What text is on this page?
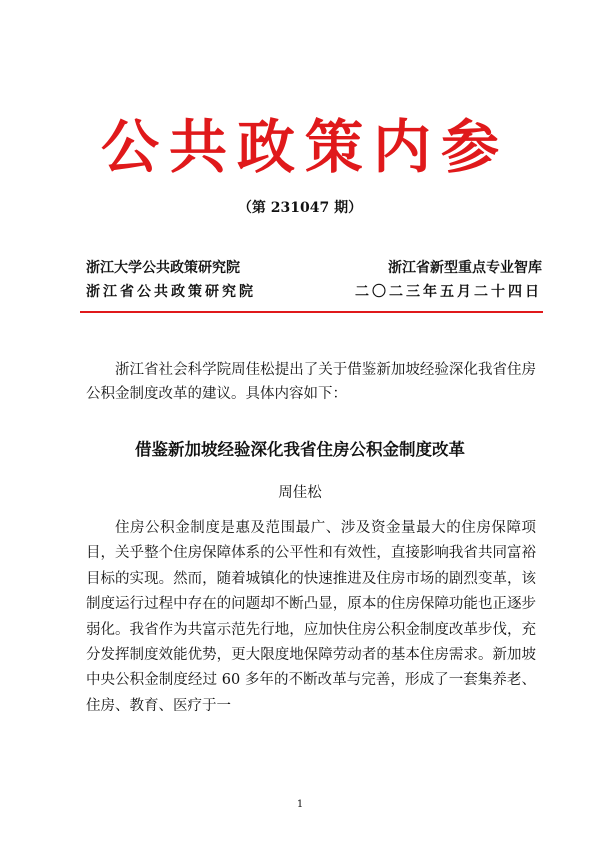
公共政策内参
（第 231047 期）
浙江大学公共政策研究院	浙江省新型重点专业智库
浙江省公共政策研究院	二〇二三年五月二十四日
浙江省社会科学院周佳松提出了关于借鉴新加坡经验深化我省住房公积金制度改革的建议。具体内容如下：
借鉴新加坡经验深化我省住房公积金制度改革
周佳松
住房公积金制度是惠及范围最广、涉及资金量最大的住房保障项目，关乎整个住房保障体系的公平性和有效性，直接影响我省共同富裕目标的实现。然而，随着城镇化的快速推进及住房市场的剧烈变革，该制度运行过程中存在的问题却不断凸显，原本的住房保障功能也正逐步弱化。我省作为共富示范先行地，应加快住房公积金制度改革步伐，充分发挥制度效能优势，更大限度地保障劳动者的基本住房需求。新加坡中央公积金制度经过 60 多年的不断改革与完善，形成了一套集养老、住房、教育、医疗于一
1
